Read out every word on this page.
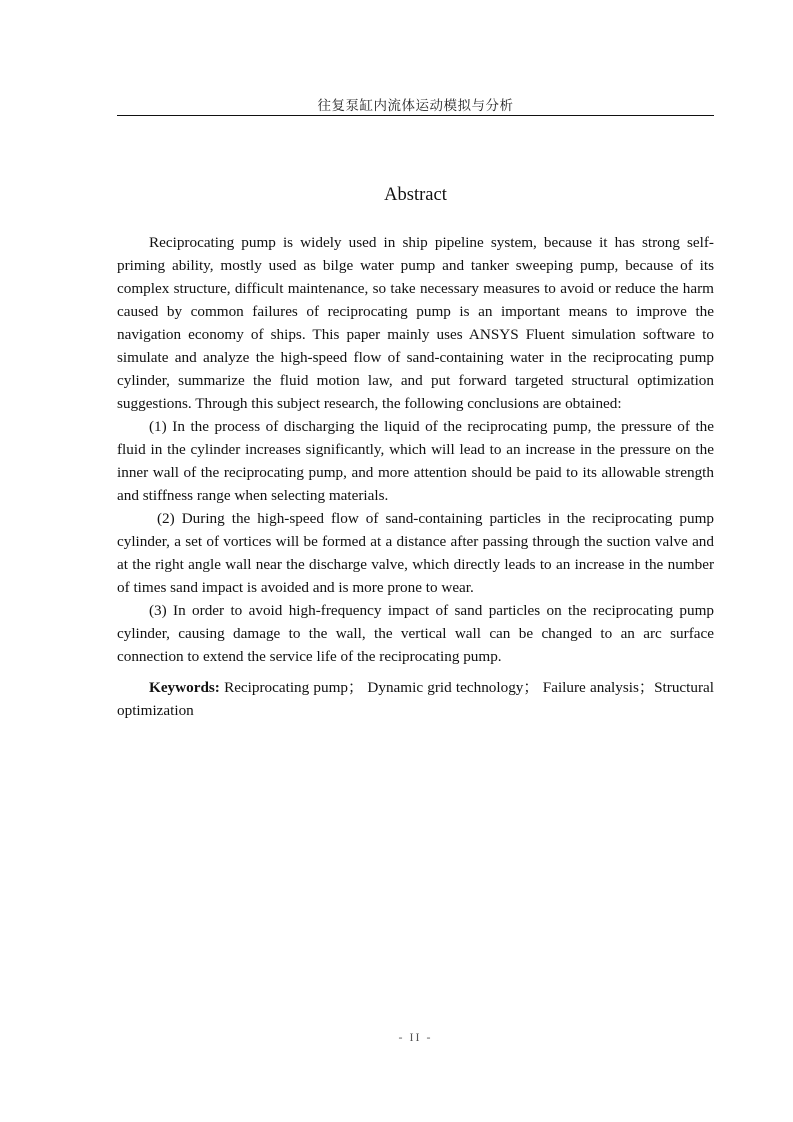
往复泵缸内流体运动模拟与分析
Abstract

Reciprocating pump is widely used in ship pipeline system, because it has strong self-priming ability, mostly used as bilge water pump and tanker sweeping pump, because of its complex structure, difficult maintenance, so take necessary measures to avoid or reduce the harm caused by common failures of reciprocating pump is an important means to improve the navigation economy of ships. This paper mainly uses ANSYS Fluent simulation software to simulate and analyze the high-speed flow of sand-containing water in the reciprocating pump cylinder, summarize the fluid motion law, and put forward targeted structural optimization suggestions. Through this subject research, the following conclusions are obtained:

(1) In the process of discharging the liquid of the reciprocating pump, the pressure of the fluid in the cylinder increases significantly, which will lead to an increase in the pressure on the inner wall of the reciprocating pump, and more attention should be paid to its allowable strength and stiffness range when selecting materials.

(2) During the high-speed flow of sand-containing particles in the reciprocating pump cylinder, a set of vortices will be formed at a distance after passing through the suction valve and at the right angle wall near the discharge valve, which directly leads to an increase in the number of times sand impact is avoided and is more prone to wear.

(3) In order to avoid high-frequency impact of sand particles on the reciprocating pump cylinder, causing damage to the wall, the vertical wall can be changed to an arc surface connection to extend the service life of the reciprocating pump.

Keywords: Reciprocating pump； Dynamic grid technology； Failure analysis；Structural optimization

- II -
